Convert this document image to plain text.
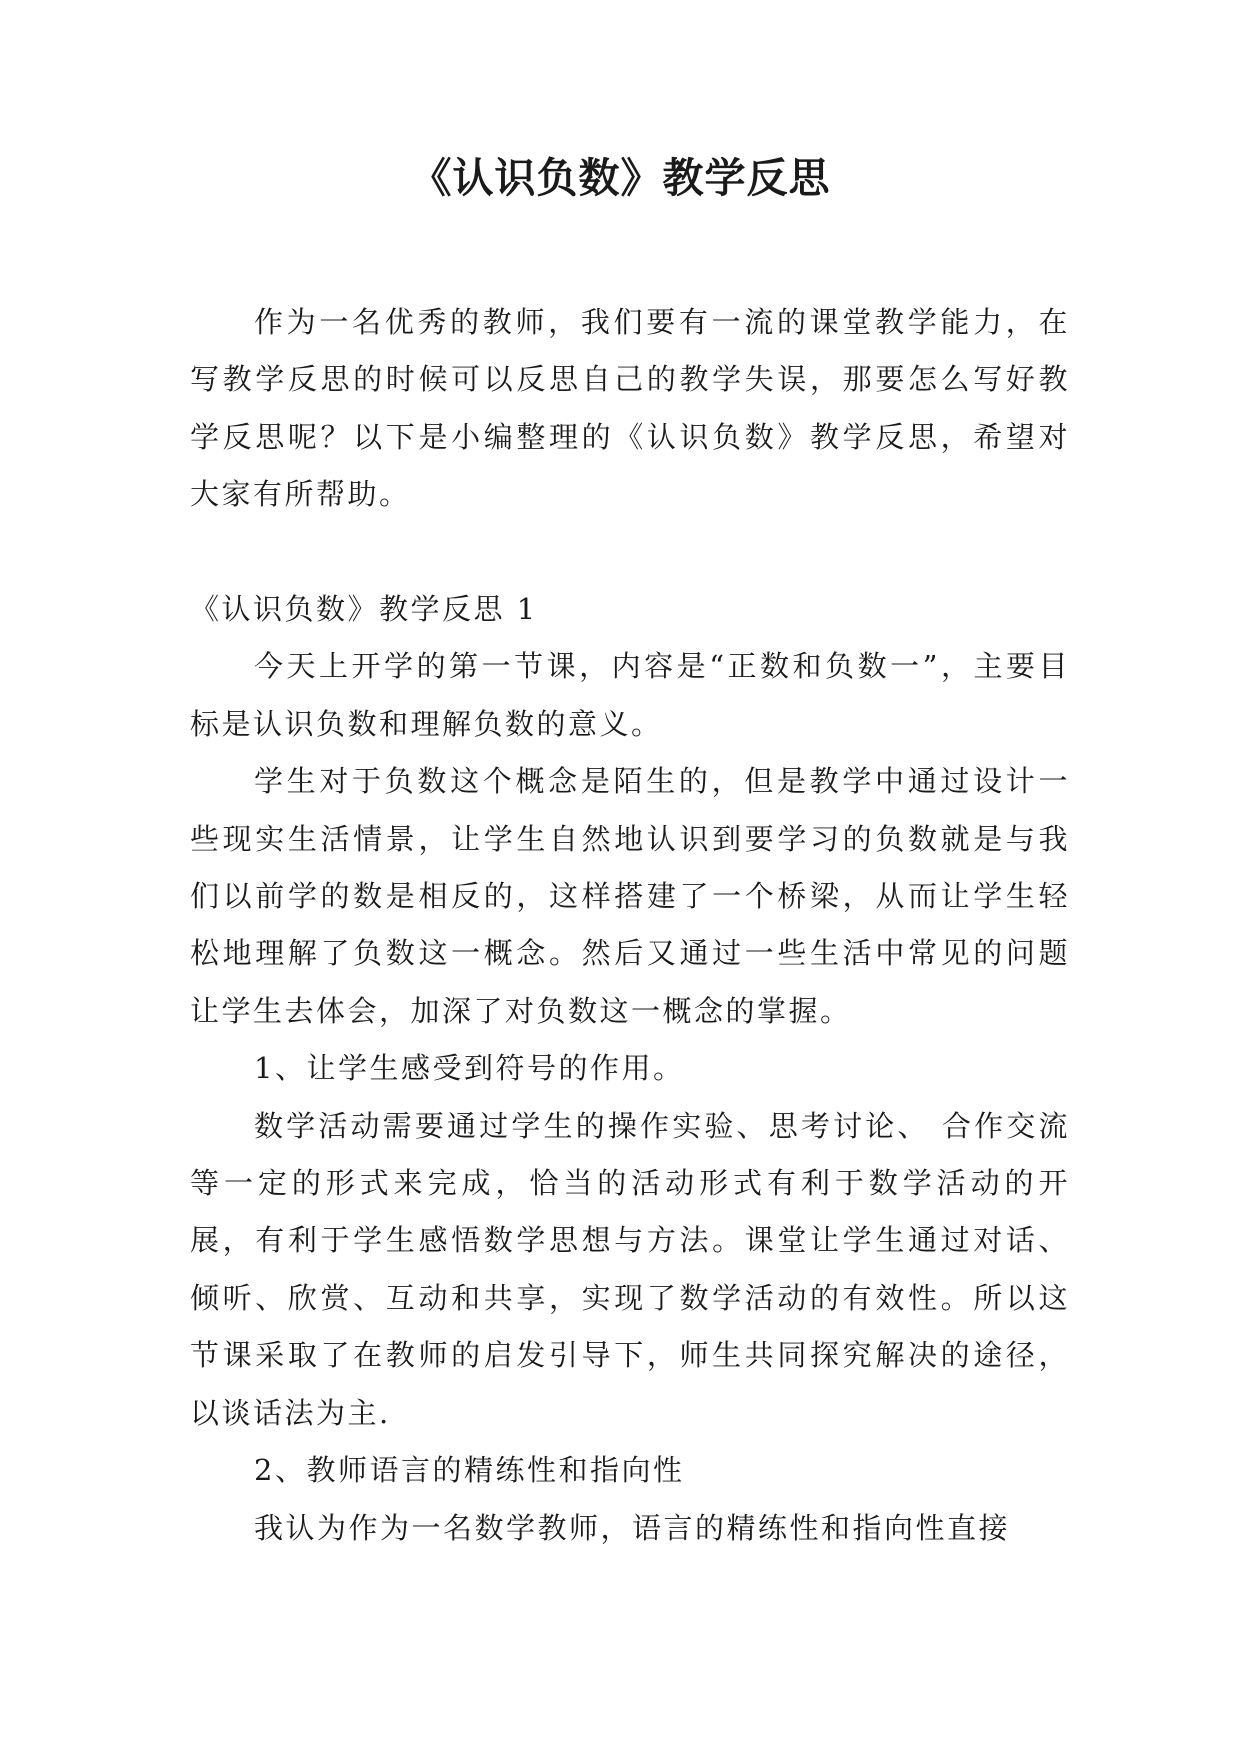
《认识负数》教学反思

作为一名优秀的教师，我们要有一流的课堂教学能力，在写教学反思的时候可以反思自己的教学失误，那要怎么写好教学反思呢？以下是小编整理的《认识负数》教学反思，希望对大家有所帮助。

《认识负数》教学反思 1

今天上开学的第一节课，内容是“正数和负数一”，主要目标是认识负数和理解负数的意义。

学生对于负数这个概念是陌生的，但是教学中通过设计一些现实生活情景，让学生自然地认识到要学习的负数就是与我们以前学的数是相反的，这样搭建了一个桥梁，从而让学生轻松地理解了负数这一概念。然后又通过一些生活中常见的问题让学生去体会，加深了对负数这一概念的掌握。

1、让学生感受到符号的作用。

数学活动需要通过学生的操作实验、思考讨论、 合作交流等一定的形式来完成，恰当的活动形式有利于数学活动的开展，有利于学生感悟数学思想与方法。课堂让学生通过对话、倾听、欣赏、互动和共享，实现了数学活动的有效性。所以这节课采取了在教师的启发引导下，师生共同探究解决的途径，以谈话法为主.

2、教师语言的精练性和指向性

我认为作为一名数学教师，语言的精练性和指向性直接
